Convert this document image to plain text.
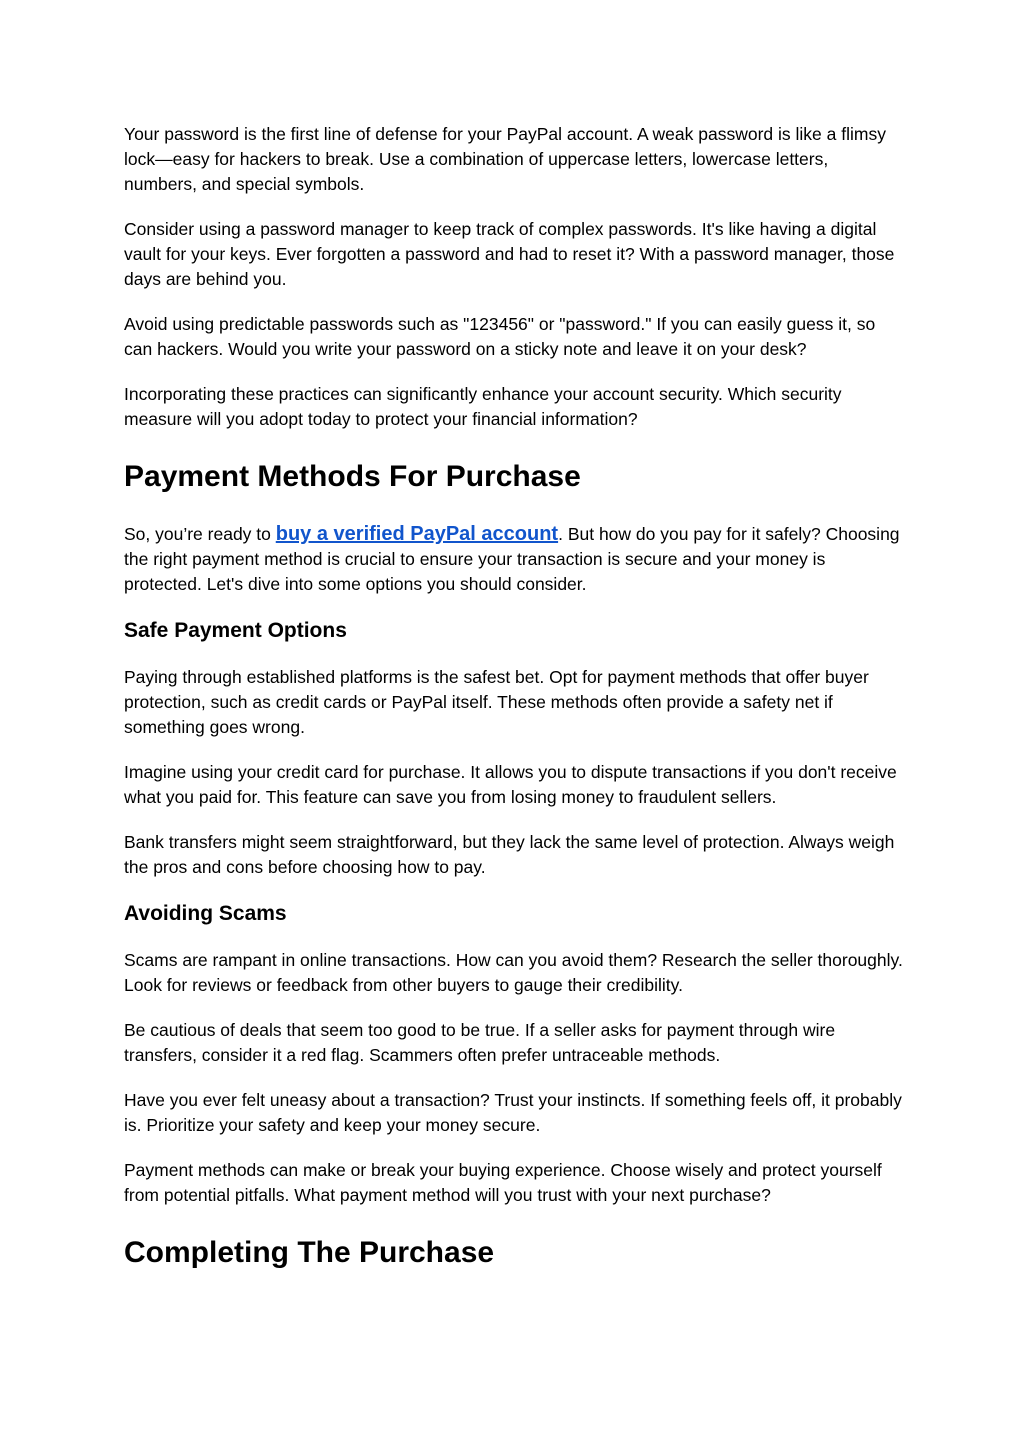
Your password is the first line of defense for your PayPal account. A weak password is like a flimsy lock—easy for hackers to break. Use a combination of uppercase letters, lowercase letters, numbers, and special symbols.

Consider using a password manager to keep track of complex passwords. It's like having a digital vault for your keys. Ever forgotten a password and had to reset it? With a password manager, those days are behind you.

Avoid using predictable passwords such as "123456" or "password." If you can easily guess it, so can hackers. Would you write your password on a sticky note and leave it on your desk?

Incorporating these practices can significantly enhance your account security. Which security measure will you adopt today to protect your financial information?

Payment Methods For Purchase

So, you’re ready to buy a verified PayPal account. But how do you pay for it safely? Choosing the right payment method is crucial to ensure your transaction is secure and your money is protected. Let's dive into some options you should consider.

Safe Payment Options

Paying through established platforms is the safest bet. Opt for payment methods that offer buyer protection, such as credit cards or PayPal itself. These methods often provide a safety net if something goes wrong.

Imagine using your credit card for purchase. It allows you to dispute transactions if you don't receive what you paid for. This feature can save you from losing money to fraudulent sellers.

Bank transfers might seem straightforward, but they lack the same level of protection. Always weigh the pros and cons before choosing how to pay.

Avoiding Scams

Scams are rampant in online transactions. How can you avoid them? Research the seller thoroughly. Look for reviews or feedback from other buyers to gauge their credibility.

Be cautious of deals that seem too good to be true. If a seller asks for payment through wire transfers, consider it a red flag. Scammers often prefer untraceable methods.

Have you ever felt uneasy about a transaction? Trust your instincts. If something feels off, it probably is. Prioritize your safety and keep your money secure.

Payment methods can make or break your buying experience. Choose wisely and protect yourself from potential pitfalls. What payment method will you trust with your next purchase?

Completing The Purchase
